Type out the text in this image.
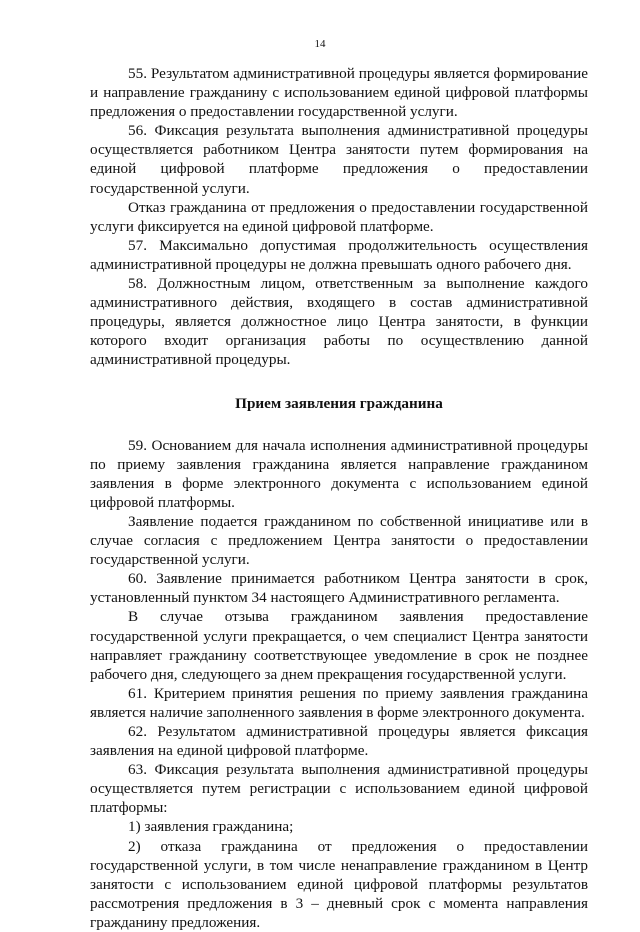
14

55. Результатом административной процедуры является формирование и направление гражданину с использованием единой цифровой платформы предложения о предоставлении государственной услуги.

56. Фиксация результата выполнения административной процедуры осуществляется работником Центра занятости путем формирования на единой цифровой платформе предложения о предоставлении государственной услуги.

Отказ гражданина от предложения о предоставлении государственной услуги фиксируется на единой цифровой платформе.

57. Максимально допустимая продолжительность осуществления административной процедуры не должна превышать одного рабочего дня.

58. Должностным лицом, ответственным за выполнение каждого административного действия, входящего в состав административной процедуры, является должностное лицо Центра занятости, в функции которого входит организация работы по осуществлению данной административной процедуры.

Прием заявления гражданина

59. Основанием для начала исполнения административной процедуры по приему заявления гражданина является направление гражданином заявления в форме электронного документа с использованием единой цифровой платформы.

Заявление подается гражданином по собственной инициативе или в случае согласия с предложением Центра занятости о предоставлении государственной услуги.

60. Заявление принимается работником Центра занятости в срок, установленный пунктом 34 настоящего Административного регламента.

В случае отзыва гражданином заявления предоставление государственной услуги прекращается, о чем специалист Центра занятости направляет гражданину соответствующее уведомление в срок не позднее рабочего дня, следующего за днем прекращения государственной услуги.

61. Критерием принятия решения по приему заявления гражданина является наличие заполненного заявления в форме электронного документа.

62. Результатом административной процедуры является фиксация заявления на единой цифровой платформе.

63. Фиксация результата выполнения административной процедуры осуществляется путем регистрации с использованием единой цифровой платформы:

1) заявления гражданина;

2) отказа гражданина от предложения о предоставлении государственной услуги, в том числе ненаправление гражданином в Центр занятости с использованием единой цифровой платформы результатов рассмотрения предложения в 3 – дневный срок с момента направления гражданину предложения.
